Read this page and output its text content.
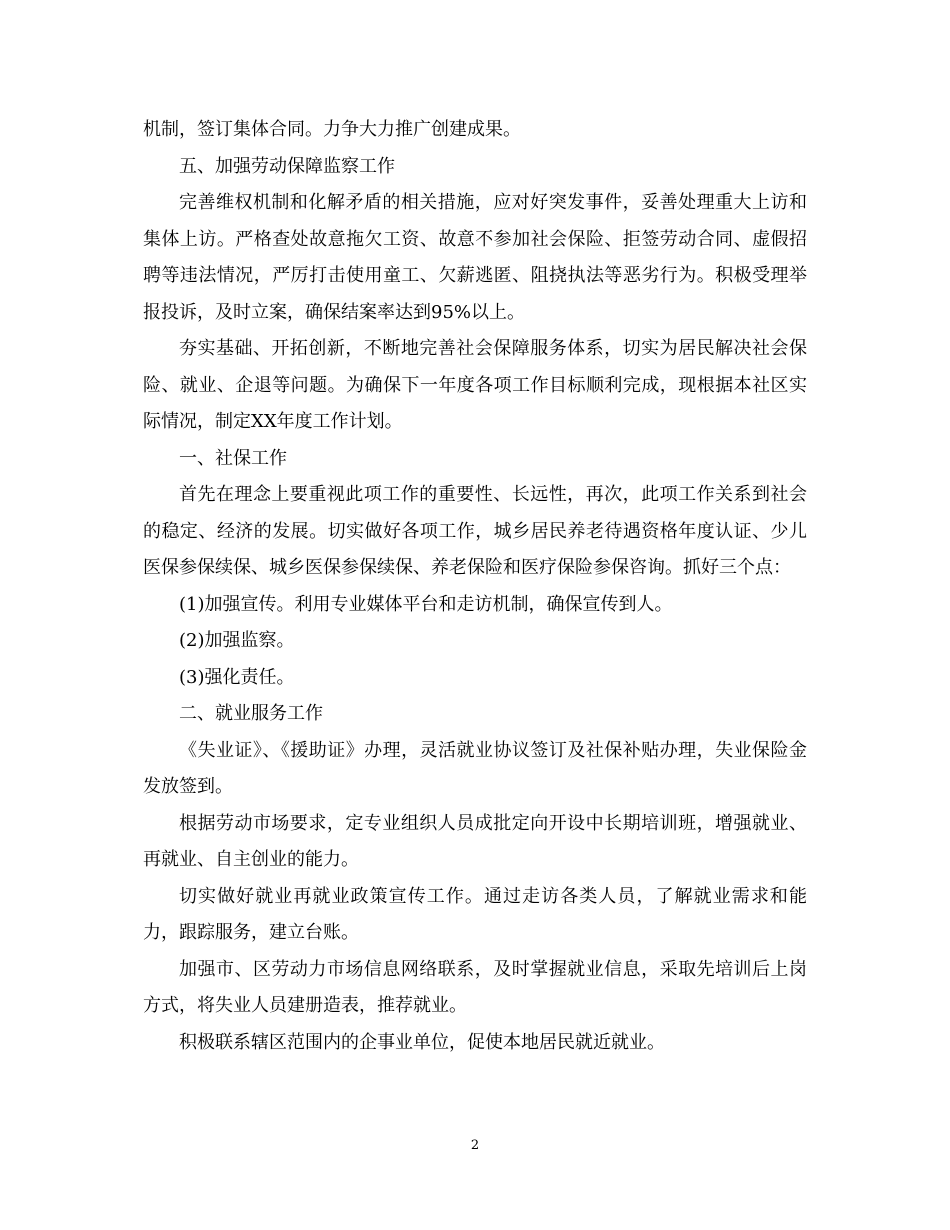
机制，签订集体合同。力争大力推广创建成果。

五、加强劳动保障监察工作

完善维权机制和化解矛盾的相关措施，应对好突发事件，妥善处理重大上访和集体上访。严格查处故意拖欠工资、故意不参加社会保险、拒签劳动合同、虚假招聘等违法情况，严厉打击使用童工、欠薪逃匿、阻挠执法等恶劣行为。积极受理举报投诉，及时立案，确保结案率达到95%以上。

夯实基础、开拓创新，不断地完善社会保障服务体系，切实为居民解决社会保险、就业、企退等问题。为确保下一年度各项工作目标顺利完成，现根据本社区实际情况，制定XX年度工作计划。

一、社保工作

首先在理念上要重视此项工作的重要性、长远性，再次，此项工作关系到社会的稳定、经济的发展。切实做好各项工作，城乡居民养老待遇资格年度认证、少儿医保参保续保、城乡医保参保续保、养老保险和医疗保险参保咨询。抓好三个点：

(1)加强宣传。利用专业媒体平台和走访机制，确保宣传到人。

(2)加强监察。

(3)强化责任。

二、就业服务工作

《失业证》、《援助证》办理，灵活就业协议签订及社保补贴办理，失业保险金发放签到。

根据劳动市场要求，定专业组织人员成批定向开设中长期培训班，增强就业、再就业、自主创业的能力。

切实做好就业再就业政策宣传工作。通过走访各类人员，了解就业需求和能力，跟踪服务，建立台账。

加强市、区劳动力市场信息网络联系，及时掌握就业信息，采取先培训后上岗方式，将失业人员建册造表，推荐就业。

积极联系辖区范围内的企事业单位，促使本地居民就近就业。

2
